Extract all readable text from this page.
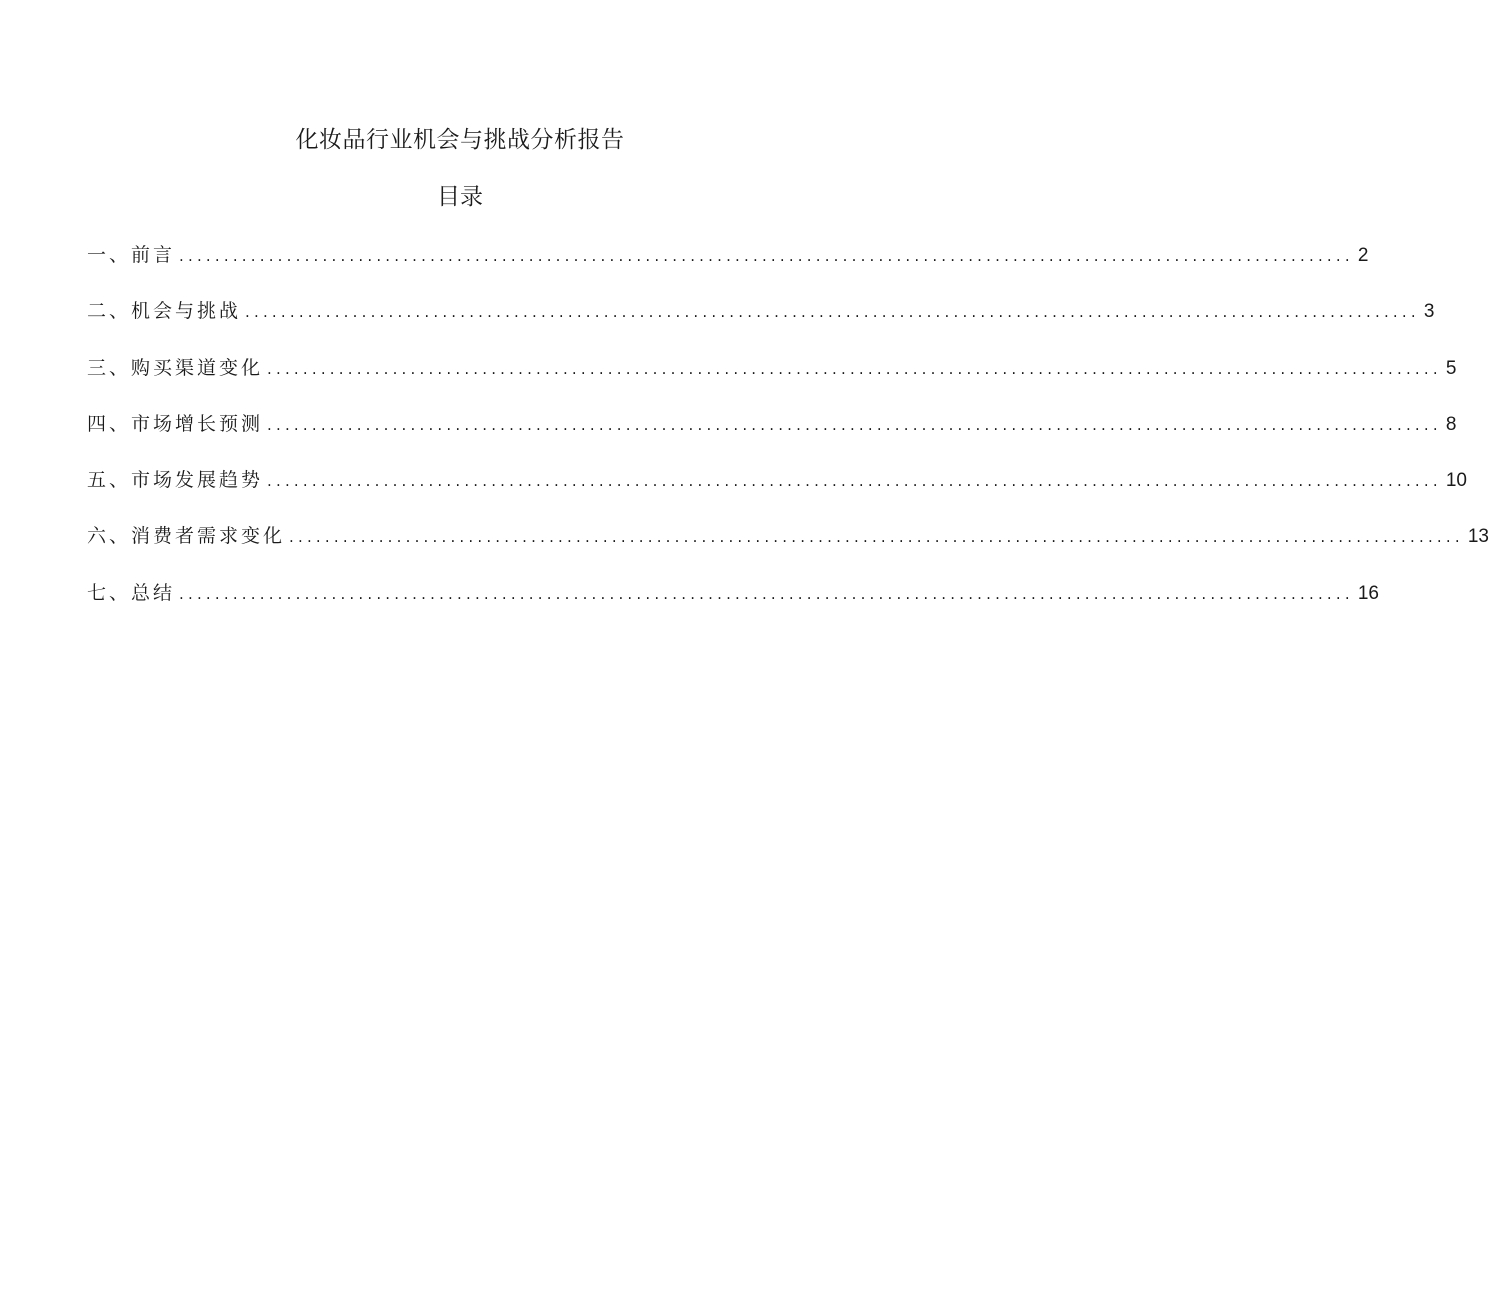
化妆品行业机会与挑战分析报告
目录
一、前言 ................................................................................................................................... 2
二、机会与挑战 ................................................................................................................................... 3
三、购买渠道变化 ................................................................................................................................... 5
四、市场增长预测 ................................................................................................................................... 8
五、市场发展趋势 ................................................................................................................................... 10
六、消费者需求变化 ................................................................................................................................... 13
七、总结 ................................................................................................................................... 16
